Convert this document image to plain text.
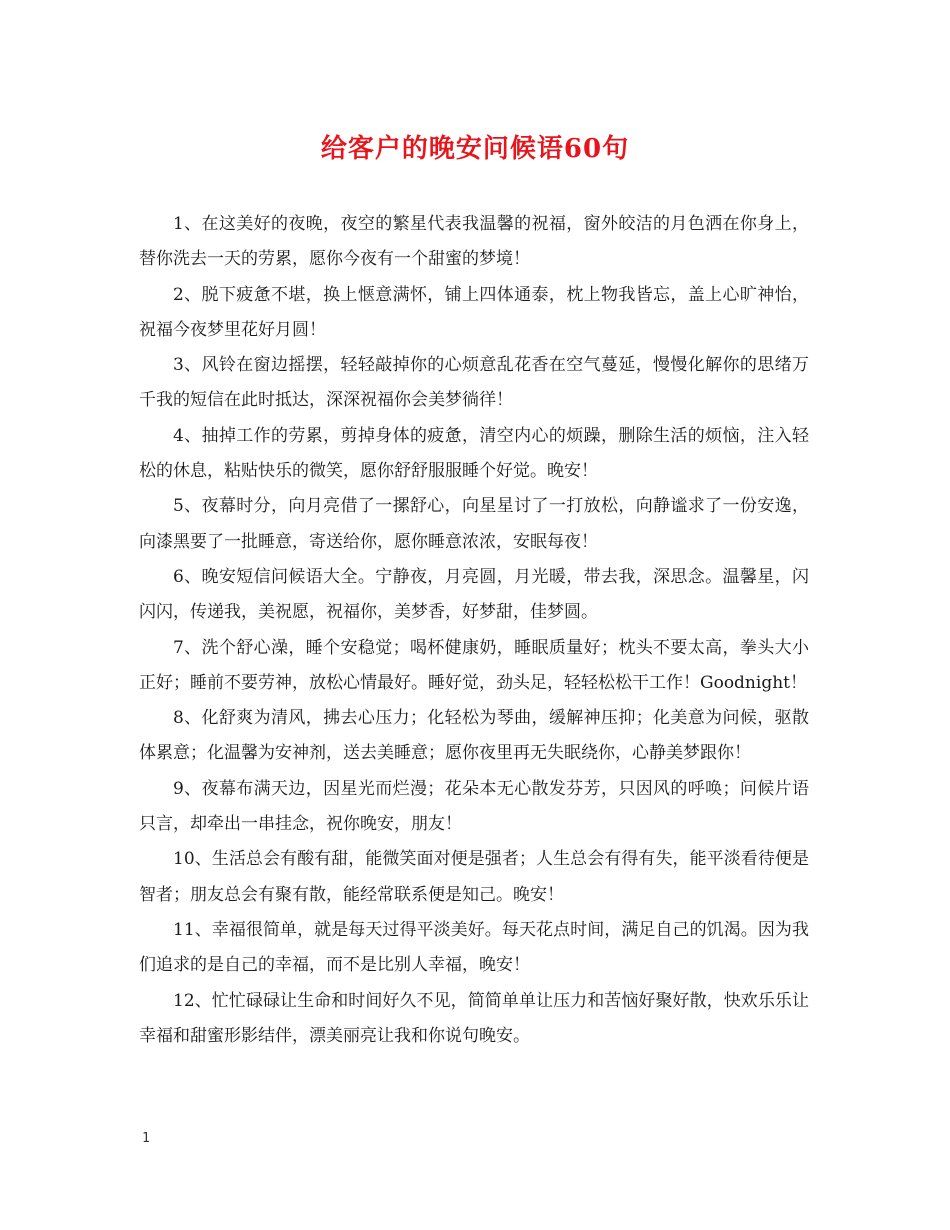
给客户的晚安问候语60句

1、在这美好的夜晚，夜空的繁星代表我温馨的祝福，窗外皎洁的月色洒在你身上，替你洗去一天的劳累，愿你今夜有一个甜蜜的梦境！

2、脱下疲惫不堪，换上惬意满怀，铺上四体通泰，枕上物我皆忘，盖上心旷神怡，祝福今夜梦里花好月圆！

3、风铃在窗边摇摆，轻轻敲掉你的心烦意乱花香在空气蔓延，慢慢化解你的思绪万千我的短信在此时抵达，深深祝福你会美梦徜徉！

4、抽掉工作的劳累，剪掉身体的疲惫，清空内心的烦躁，删除生活的烦恼，注入轻松的休息，粘贴快乐的微笑，愿你舒舒服服睡个好觉。晚安！

5、夜幕时分，向月亮借了一摞舒心，向星星讨了一打放松，向静谧求了一份安逸，向漆黑要了一批睡意，寄送给你，愿你睡意浓浓，安眠每夜！

6、晚安短信问候语大全。宁静夜，月亮圆，月光暖，带去我，深思念。温馨星，闪闪闪，传递我，美祝愿，祝福你，美梦香，好梦甜，佳梦圆。

7、洗个舒心澡，睡个安稳觉；喝杯健康奶，睡眠质量好；枕头不要太高，拳头大小正好；睡前不要劳神，放松心情最好。睡好觉，劲头足，轻轻松松干工作！Goodnight！

8、化舒爽为清风，拂去心压力；化轻松为琴曲，缓解神压抑；化美意为问候，驱散体累意；化温馨为安神剂，送去美睡意；愿你夜里再无失眠绕你，心静美梦跟你！

9、夜幕布满天边，因星光而烂漫；花朵本无心散发芬芳，只因风的呼唤；问候片语只言，却牵出一串挂念，祝你晚安，朋友！

10、生活总会有酸有甜，能微笑面对便是强者；人生总会有得有失，能平淡看待便是智者；朋友总会有聚有散，能经常联系便是知己。晚安！

11、幸福很简单，就是每天过得平淡美好。每天花点时间，满足自己的饥渴。因为我们追求的是自己的幸福，而不是比别人幸福，晚安！

12、忙忙碌碌让生命和时间好久不见，简简单单让压力和苦恼好聚好散，快欢乐乐让幸福和甜蜜形影结伴，漂美丽亮让我和你说句晚安。

1
